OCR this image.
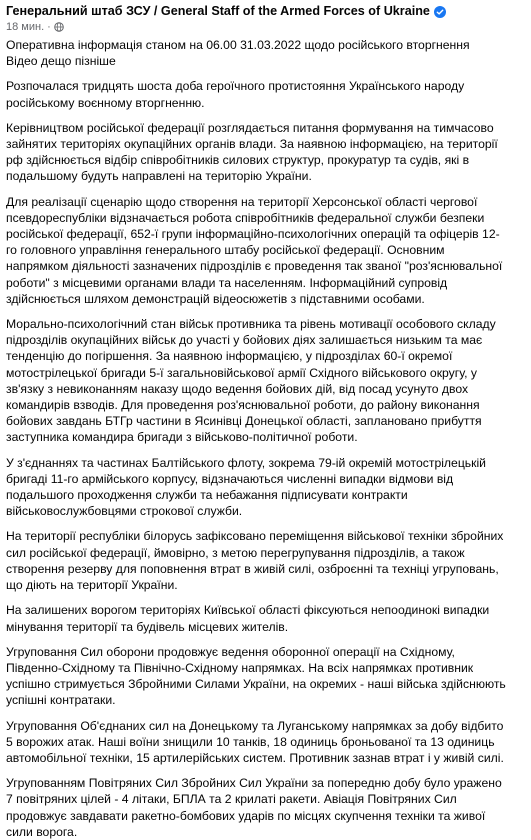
Генеральний штаб ЗСУ / General Staff of the Armed Forces of Ukraine
18 мин. ·
Оперативна інформація станом на 06.00 31.03.2022 щодо російського вторгнення
Відео дещо пізніше
Розпочалася тридцять шоста доба героїчного протистояння Українського народу
російському воєнному вторгненню.
Керівництвом російської федерації розглядається питання формування на тимчасово
зайнятих територіях окупаційних органів влади. За наявною інформацією, на території
рф здійснюється відбір співробітників силових структур, прокуратур та судів, які в
подальшому будуть направлені на територію України.
Для реалізації сценарію щодо створення на території Херсонської області чергової
псевдореспубліки відзначається робота співробітників федеральної служби безпеки
російської федерації, 652-ї групи інформаційно-психологічних операцій та офіцерів 12-
го головного управління генерального штабу російської федерації. Основним
напрямком діяльності зазначених підрозділів є проведення так званої "роз'яснювальної
роботи" з місцевими органами влади та населенням. Інформаційний супровід
здійснюється шляхом демонстрацій відеосюжетів з підставними особами.
Морально-психологічний стан військ противника та рівень мотивації особового складу
підрозділів окупаційних військ до участі у бойових діях залишається низьким та має
тенденцію до погіршення. За наявною інформацією, у підрозділах 60-ї окремої
мотострілецької бригади 5-ї загальновійськової армії Східного військового округу, у
зв'язку з невиконанням наказу щодо ведення бойових дій, від посад усунуто двох
командирів взводів. Для проведення роз'яснювальної роботи, до району виконання
бойових завдань БТГр частини в Ясинівці Донецької області, заплановано прибуття
заступника командира бригади з військово-політичної роботи.
У з'єднаннях та частинах Балтійського флоту, зокрема 79-ій окремій мотострілецькій
бригаді 11-го армійського корпусу, відзначаються численні випадки відмови від
подальшого проходження служби та небажання підписувати контракти
військовослужбовцями строкової служби.
На території республіки білорусь зафіксовано переміщення військової техніки збройних
сил російської федерації, ймовірно, з метою перегрупування підрозділів, а також
створення резерву для поповнення втрат в живій силі, озброєнні та техніці угруповань,
що діють на території України.
На залишених ворогом територіях Київської області фіксуються непоодинокі випадки
мінування території та будівель місцевих жителів.
Угруповання Сил оборони продовжує ведення оборонної операції на Східному,
Південно-Східному та Північно-Східному напрямках. На всіх напрямках противник
успішно стримується Збройними Силами України, на окремих - наші війська здійснюють
успішні контратаки.
Угруповання Об'єднаних сил на Донецькому та Луганському напрямках за добу відбито
5 ворожих атак. Наші воїни знищили 10 танків, 18 одиниць броньованої та 13 одиниць
автомобільної техніки, 15 артилерійських систем. Противник зазнав втрат і у живій силі.
Угрупованням Повітряних Сил Збройних Сил України за попередню добу було уражено
7 повітряних цілей - 4 літаки, БПЛА та 2 крилаті ракети. Авіація Повітряних Сил
продовжує завдавати ракетно-бомбових ударів по місцях скупчення техніки та живої
сили ворога.
